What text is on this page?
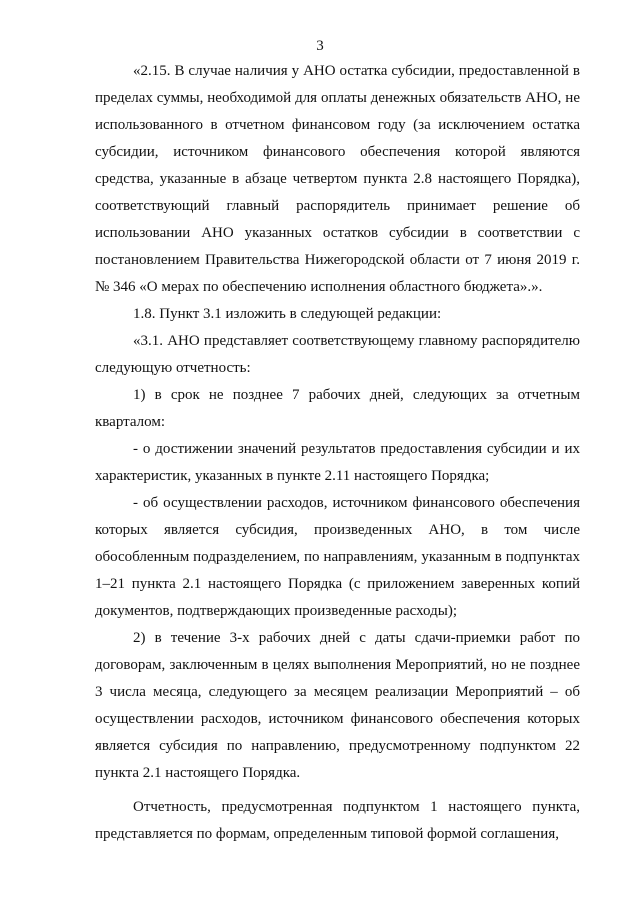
3

«2.15. В случае наличия у АНО остатка субсидии, предоставленной в пределах суммы, необходимой для оплаты денежных обязательств АНО, не использованного в отчетном финансовом году (за исключением остатка субсидии, источником финансового обеспечения которой являются средства, указанные в абзаце четвертом пункта 2.8 настоящего Порядка), соответствующий главный распорядитель принимает решение об использовании АНО указанных остатков субсидии в соответствии с постановлением Правительства Нижегородской области от 7 июня 2019 г. № 346 «О мерах по обеспечению исполнения областного бюджета».».

1.8. Пункт 3.1 изложить в следующей редакции:

«3.1. АНО представляет соответствующему главному распорядителю следующую отчетность:

1) в срок не позднее 7 рабочих дней, следующих за отчетным кварталом:

- о достижении значений результатов предоставления субсидии и их характеристик, указанных в пункте 2.11 настоящего Порядка;

- об осуществлении расходов, источником финансового обеспечения которых является субсидия, произведенных АНО, в том числе обособленным подразделением, по направлениям, указанным в подпунктах 1–21 пункта 2.1 настоящего Порядка (с приложением заверенных копий документов, подтверждающих произведенные расходы);

2) в течение 3-х рабочих дней с даты сдачи-приемки работ по договорам, заключенным в целях выполнения Мероприятий, но не позднее 3 числа месяца, следующего за месяцем реализации Мероприятий – об осуществлении расходов, источником финансового обеспечения которых является субсидия по направлению, предусмотренному подпунктом 22 пункта 2.1 настоящего Порядка.

Отчетность, предусмотренная подпунктом 1 настоящего пункта, представляется по формам, определенным типовой формой соглашения,
